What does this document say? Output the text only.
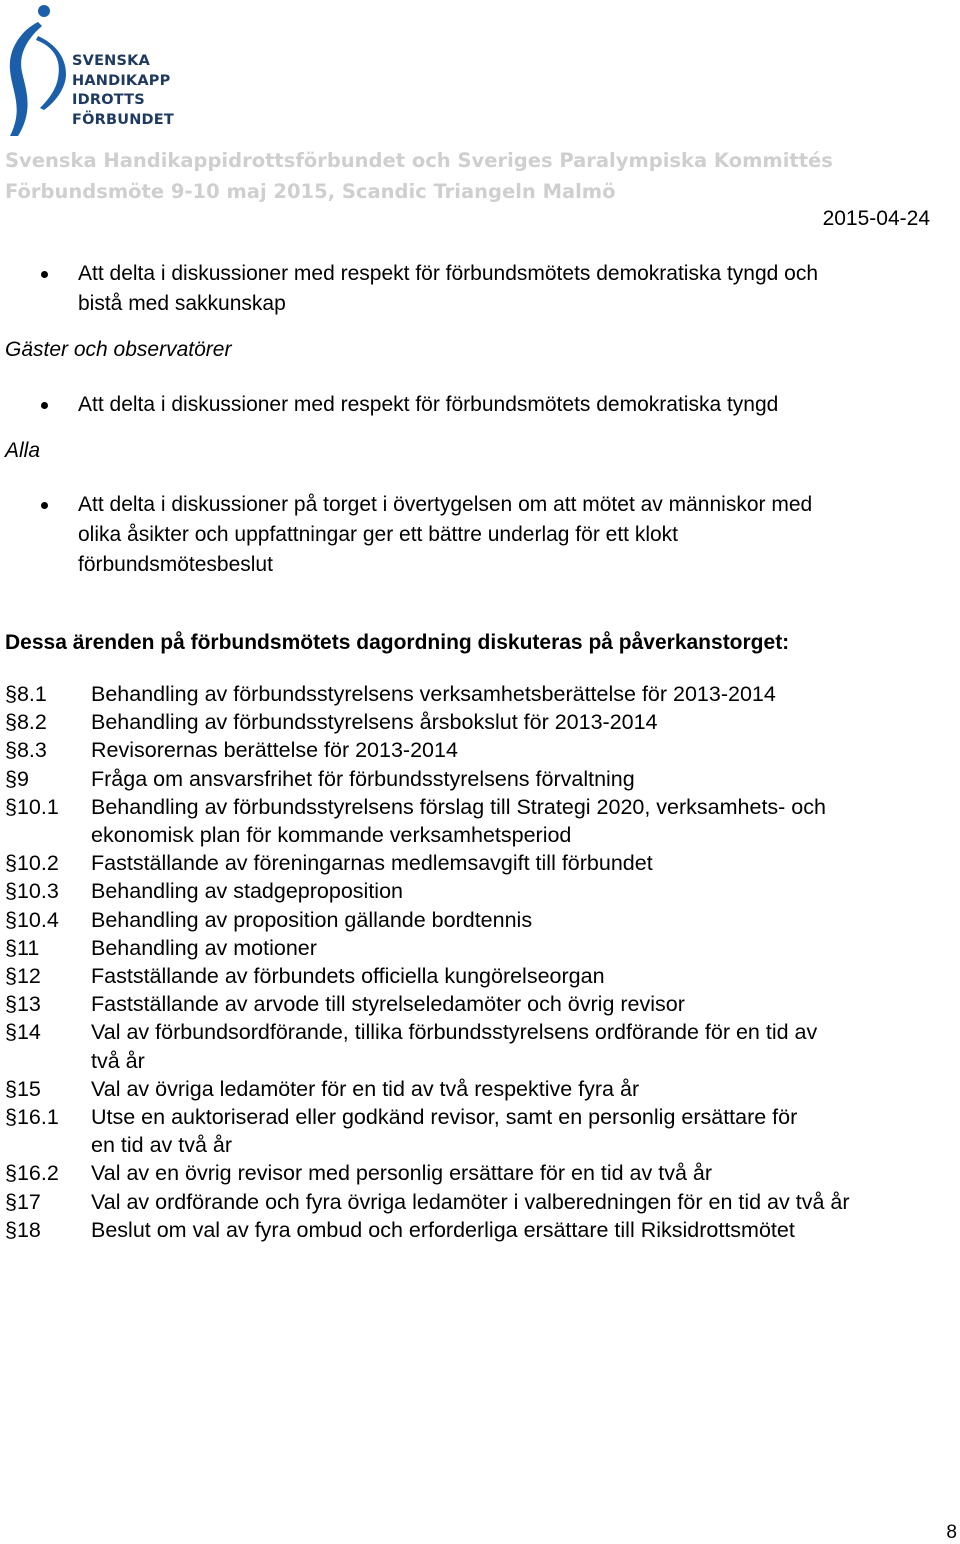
SVENSKA
HANDIKAPP
IDROTTS
FÖRBUNDET
Svenska Handikappidrottsförbundet och Sveriges Paralympiska Kommittés
Förbundsmöte 9-10 maj 2015, Scandic Triangeln Malmö
2015-04-24
Att delta i diskussioner med respekt för förbundsmötets demokratiska tyngd och
bistå med sakkunskap
Gäster och observatörer
Att delta i diskussioner med respekt för förbundsmötets demokratiska tyngd
Alla
Att delta i diskussioner på torget i övertygelsen om att mötet av människor med
olika åsikter och uppfattningar ger ett bättre underlag för ett klokt
förbundsmötesbeslut
Dessa ärenden på förbundsmötets dagordning diskuteras på påverkanstorget:
§8.1	Behandling av förbundsstyrelsens verksamhetsberättelse för 2013-2014
§8.2	Behandling av förbundsstyrelsens årsbokslut för 2013-2014
§8.3	Revisorernas berättelse för 2013-2014
§9	Fråga om ansvarsfrihet för förbundsstyrelsens förvaltning
§10.1	Behandling av förbundsstyrelsens förslag till Strategi 2020, verksamhets- och
ekonomisk plan för kommande verksamhetsperiod
§10.2	Fastställande av föreningarnas medlemsavgift till förbundet
§10.3	Behandling av stadgeproposition
§10.4	Behandling av proposition gällande bordtennis
§11	Behandling av motioner
§12	Fastställande av förbundets officiella kungörelseorgan
§13	Fastställande av arvode till styrelseledamöter och övrig revisor
§14	Val av förbundsordförande, tillika förbundsstyrelsens ordförande för en tid av
två år
§15	Val av övriga ledamöter för en tid av två respektive fyra år
§16.1	Utse en auktoriserad eller godkänd revisor, samt en personlig ersättare för
en tid av två år
§16.2	Val av en övrig revisor med personlig ersättare för en tid av två år
§17	Val av ordförande och fyra övriga ledamöter i valberedningen för en tid av två år
§18	Beslut om val av fyra ombud och erforderliga ersättare till Riksidrottsmötet
8
